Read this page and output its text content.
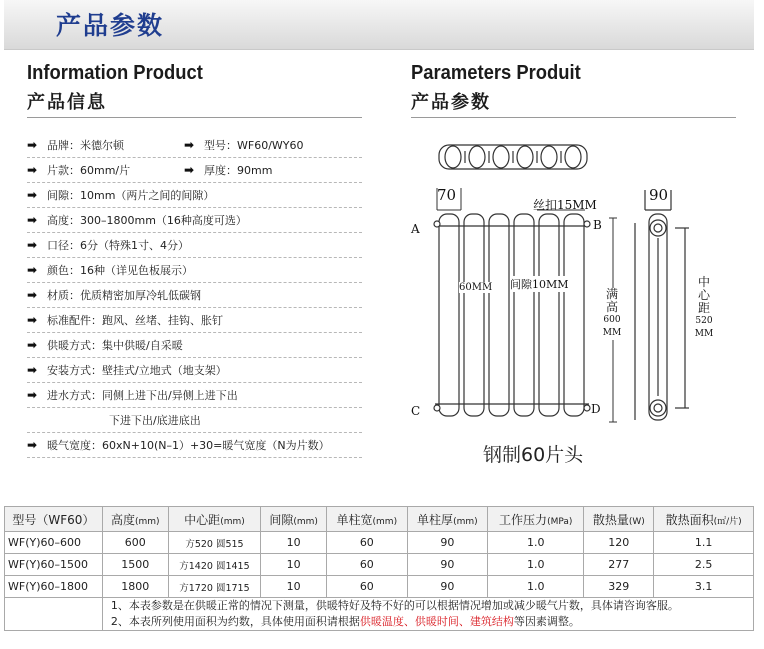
产品参数
Information Product
产品信息
Parameters Produit
产品参数
➡ 品牌：米德尔顿	➡ 型号：WF60/WY60
➡ 片款：60mm/片	➡ 厚度：90mm
➡ 间隙：10mm（两片之间的间隙）
➡ 高度：300–1800mm（16种高度可选）
➡ 口径：6分（特殊1寸、4分）
➡ 颜色：16种（详见色板展示）
➡ 材质：优质精密加厚冷轧低碳钢
➡ 标准配件：跑风、丝堵、挂钩、胀钉
➡ 供暖方式：集中供暖/自采暖
➡ 安装方式：壁挂式/立地式（地支架）
➡ 进水方式：同侧上进下出/异侧上进下出
下进下出/底进底出
➡ 暖气宽度：60xN+10(N–1）+30=暖气宽度（N为片数）
70	90
丝扣15MM
间隙10MM
60MM
A	B
C	D
满
高
600
MM
中
心
距
520
MM
钢制60片头
型号（WF60）	高度(mm)	中心距(mm)	间隙(mm)	单柱宽(mm)	单柱厚(mm)	工作压力(MPa)	散热量(W)	散热面积(㎡/片)
WF(Y)60–600	600	方520 圆515	10	60	90	1.0	120	1.1
WF(Y)60–1500	1500	方1420 圆1415	10	60	90	1.0	277	2.5
WF(Y)60–1800	1800	方1720 圆1715	10	60	90	1.0	329	3.1

	1、本表参数是在供暖正常的情况下测量，供暖特好及特不好的可以根据情况增加或减少暖气片数，具体请咨询客服。
2、本表所列使用面积为约数，具体使用面积请根据供暖温度、供暖时间、建筑结构等因素调整。							
